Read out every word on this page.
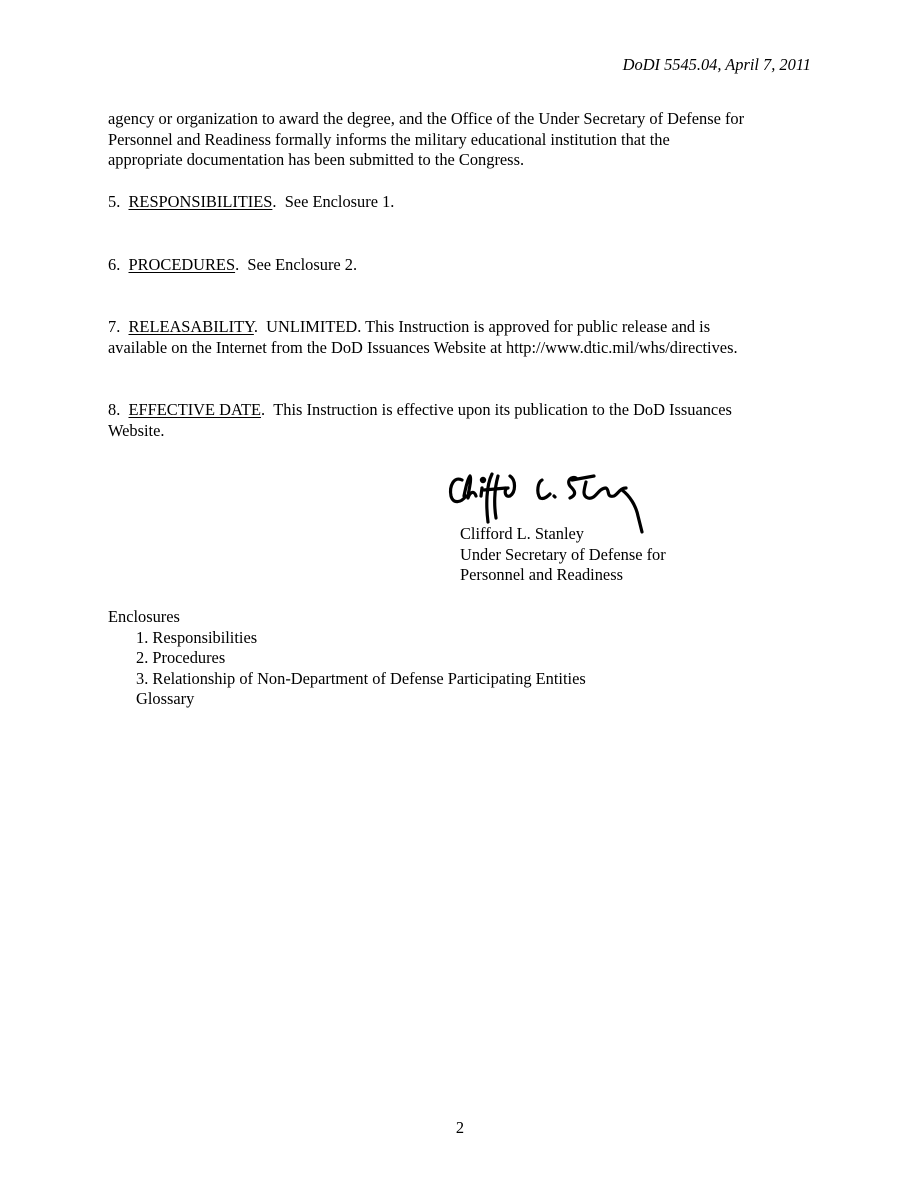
DoDI 5545.04, April 7, 2011
agency or organization to award the degree, and the Office of the Under Secretary of Defense for
Personnel and Readiness formally informs the military educational institution that the
appropriate documentation has been submitted to the Congress.
5. RESPONSIBILITIES.  See Enclosure 1.
6. PROCEDURES.  See Enclosure 2.
7. RELEASABILITY.  UNLIMITED. This Instruction is approved for public release and is
available on the Internet from the DoD Issuances Website at http://www.dtic.mil/whs/directives.
8. EFFECTIVE DATE.  This Instruction is effective upon its publication to the DoD Issuances
Website.
Clifford L. Stanley
Under Secretary of Defense for
Personnel and Readiness
Enclosures
1. Responsibilities
2. Procedures
3. Relationship of Non-Department of Defense Participating Entities
Glossary
2
